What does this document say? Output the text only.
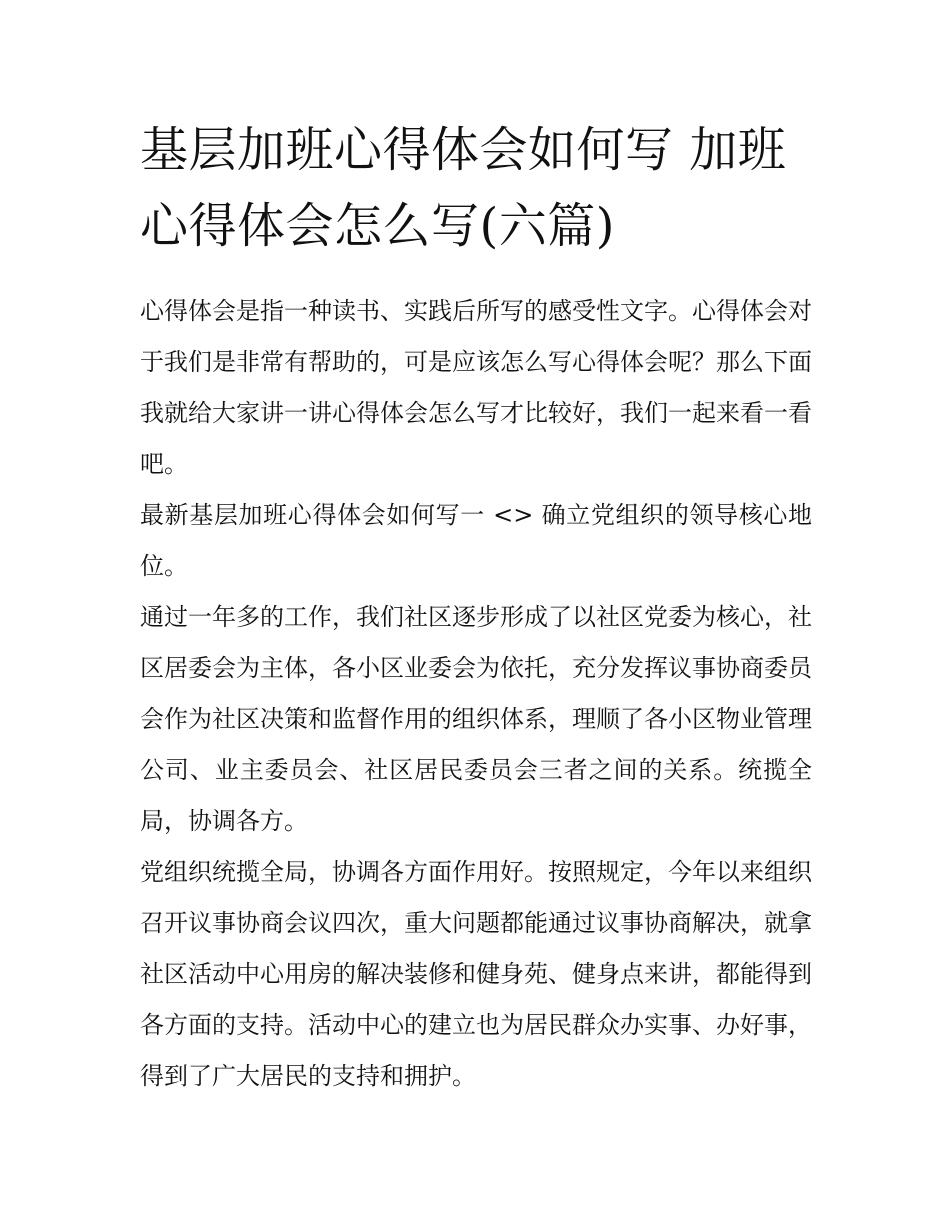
基层加班心得体会如何写 加班心得体会怎么写(六篇)

心得体会是指一种读书、实践后所写的感受性文字。心得体会对于我们是非常有帮助的，可是应该怎么写心得体会呢？那么下面我就给大家讲一讲心得体会怎么写才比较好，我们一起来看一看吧。

最新基层加班心得体会如何写一 <> 确立党组织的领导核心地位。

通过一年多的工作，我们社区逐步形成了以社区党委为核心，社区居委会为主体，各小区业委会为依托，充分发挥议事协商委员会作为社区决策和监督作用的组织体系，理顺了各小区物业管理公司、业主委员会、社区居民委员会三者之间的关系。统揽全局，协调各方。

党组织统揽全局，协调各方面作用好。按照规定，今年以来组织召开议事协商会议四次，重大问题都能通过议事协商解决，就拿社区活动中心用房的解决装修和健身苑、健身点来讲，都能得到各方面的支持。活动中心的建立也为居民群众办实事、办好事，得到了广大居民的支持和拥护。
